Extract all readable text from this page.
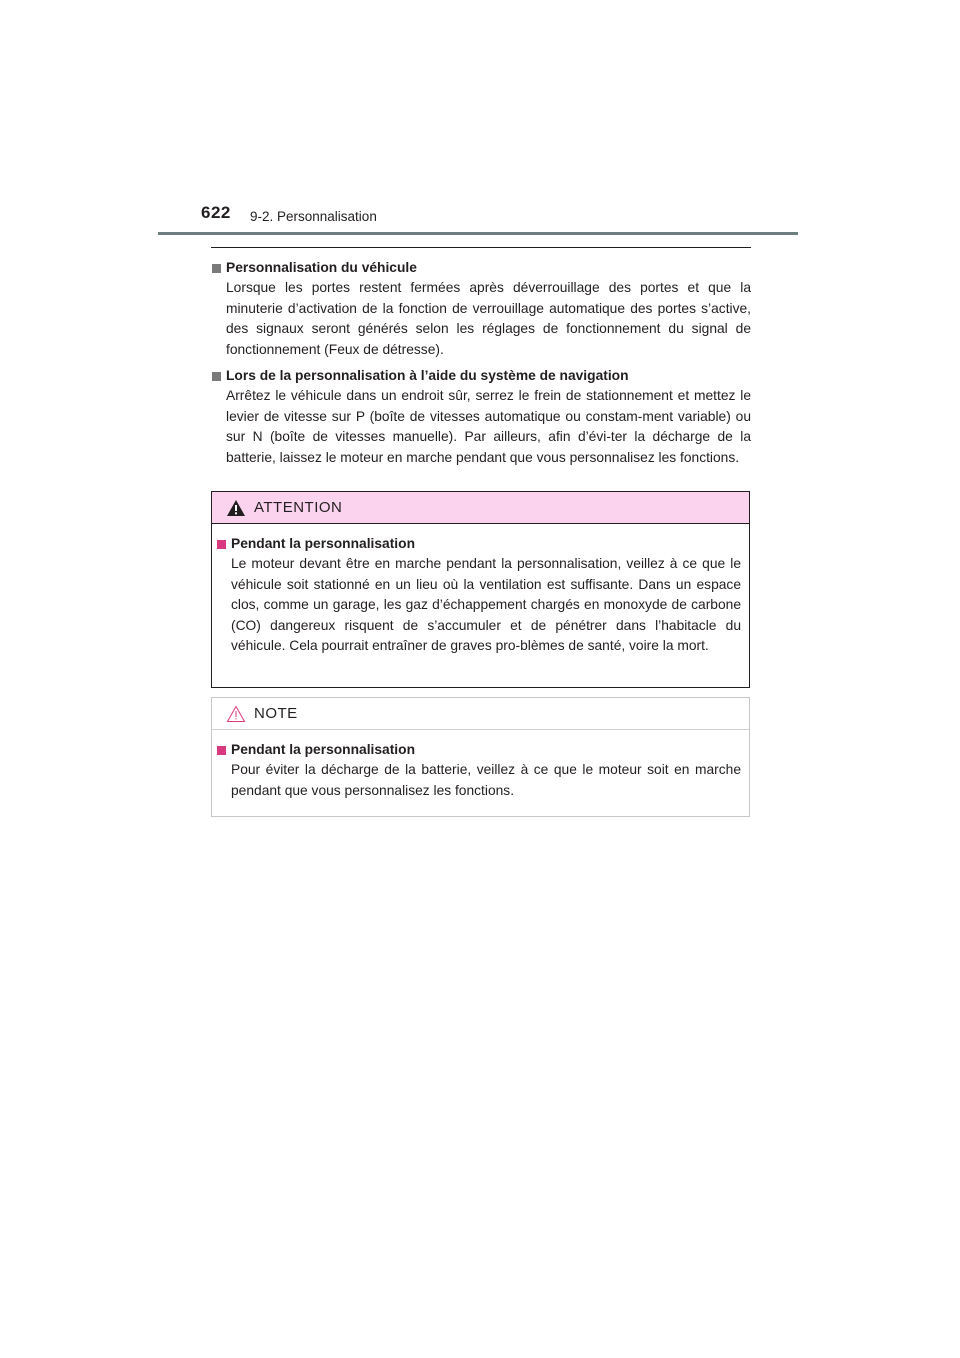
622 9-2. Personnalisation
Personnalisation du véhicule
Lorsque les portes restent fermées après déverrouillage des portes et que la minuterie d’activation de la fonction de verrouillage automatique des portes s’active, des signaux seront générés selon les réglages de fonctionnement du signal de fonctionnement (Feux de détresse).
Lors de la personnalisation à l’aide du système de navigation
Arrêtez le véhicule dans un endroit sûr, serrez le frein de stationnement et mettez le levier de vitesse sur P (boîte de vitesses automatique ou constam-ment variable) ou sur N (boîte de vitesses manuelle). Par ailleurs, afin d’évi-ter la décharge de la batterie, laissez le moteur en marche pendant que vous personnalisez les fonctions.
ATTENTION
Pendant la personnalisation
Le moteur devant être en marche pendant la personnalisation, veillez à ce que le véhicule soit stationné en un lieu où la ventilation est suffisante. Dans un espace clos, comme un garage, les gaz d’échappement chargés en monoxyde de carbone (CO) dangereux risquent de s’accumuler et de pénétrer dans l’habitacle du véhicule. Cela pourrait entraîner de graves pro-blèmes de santé, voire la mort.
NOTE
Pendant la personnalisation
Pour éviter la décharge de la batterie, veillez à ce que le moteur soit en marche pendant que vous personnalisez les fonctions.
